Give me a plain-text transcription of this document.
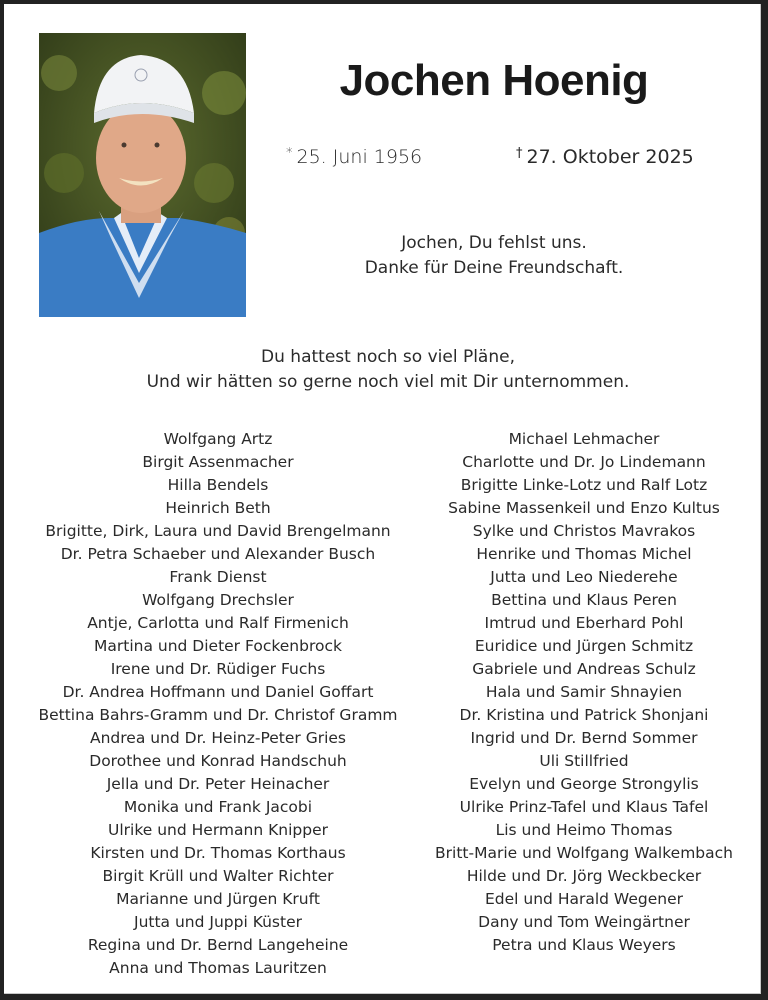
Jochen Hoenig
* 25. Juni 1956	† 27. Oktober 2025
Jochen, Du fehlst uns.
Danke für Deine Freundschaft.
Du hattest noch so viel Pläne,
Und wir hätten so gerne noch viel mit Dir unternommen.
Wolfgang Artz
Birgit Assenmacher
Hilla Bendels
Heinrich Beth
Brigitte, Dirk, Laura und David Brengelmann
Dr. Petra Schaeber und Alexander Busch
Frank Dienst
Wolfgang Drechsler
Antje, Carlotta und Ralf Firmenich
Martina und Dieter Fockenbrock
Irene und Dr. Rüdiger Fuchs
Dr. Andrea Hoffmann und Daniel Goffart
Bettina Bahrs-Gramm und Dr. Christof Gramm
Andrea und Dr. Heinz-Peter Gries
Dorothee und Konrad Handschuh
Jella und Dr. Peter Heinacher
Monika und Frank Jacobi
Ulrike und Hermann Knipper
Kirsten und Dr. Thomas Korthaus
Birgit Krüll und Walter Richter
Marianne und Jürgen Kruft
Jutta und Juppi Küster
Regina und Dr. Bernd Langeheine
Anna und Thomas Lauritzen
Michael Lehmacher
Charlotte und Dr. Jo Lindemann
Brigitte Linke-Lotz und Ralf Lotz
Sabine Massenkeil und Enzo Kultus
Sylke und Christos Mavrakos
Henrike und Thomas Michel
Jutta und Leo Niederehe
Bettina und Klaus Peren
Imtrud und Eberhard Pohl
Euridice und Jürgen Schmitz
Gabriele und Andreas Schulz
Hala und Samir Shnayien
Dr. Kristina und Patrick Shonjani
Ingrid und Dr. Bernd Sommer
Uli Stillfried
Evelyn und George Strongylis
Ulrike Prinz-Tafel und Klaus Tafel
Lis und Heimo Thomas
Britt-Marie und Wolfgang Walkembach
Hilde und Dr. Jörg Weckbecker
Edel und Harald Wegener
Dany und Tom Weingärtner
Petra und Klaus Weyers
